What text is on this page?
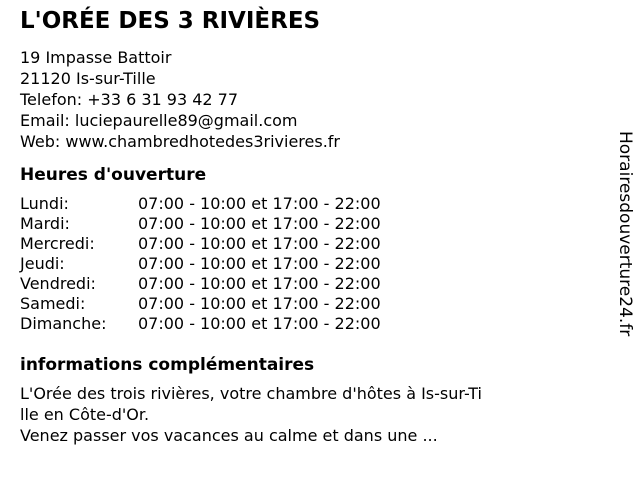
L'ORÉE DES 3 RIVIÈRES
19 Impasse Battoir
21120 Is-sur-Tille
Telefon: +33 6 31 93 42 77
Email: luciepaurelle89@gmail.com
Web: www.chambredhotedes3rivieres.fr
Heures d'ouverture
Lundi:	07:00 - 10:00 et 17:00 - 22:00
Mardi:	07:00 - 10:00 et 17:00 - 22:00
Mercredi:	07:00 - 10:00 et 17:00 - 22:00
Jeudi:	07:00 - 10:00 et 17:00 - 22:00
Vendredi:	07:00 - 10:00 et 17:00 - 22:00
Samedi:	07:00 - 10:00 et 17:00 - 22:00
Dimanche:	07:00 - 10:00 et 17:00 - 22:00
informations complémentaires
L'Orée des trois rivières, votre chambre d'hôtes à Is-sur-Ti
lle en Côte-d'Or.
Venez passer vos vacances au calme et dans une ...
Horairesdouverture24.fr
